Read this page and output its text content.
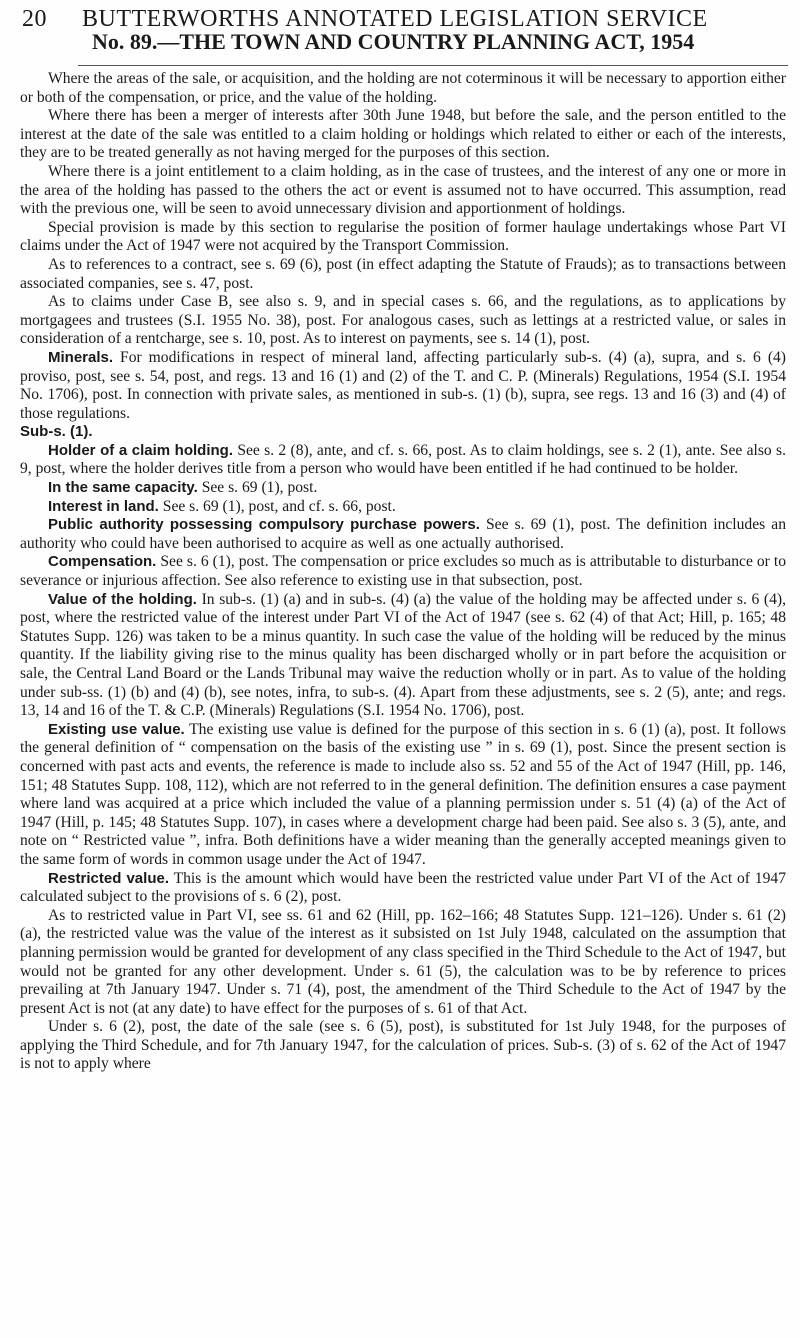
20 BUTTERWORTHS ANNOTATED LEGISLATION SERVICE
No. 89.—THE TOWN AND COUNTRY PLANNING ACT, 1954

Where the areas of the sale, or acquisition, and the holding are not coterminous it will be necessary to apportion either or both of the compensation, or price, and the value of the holding.

Where there has been a merger of interests after 30th June 1948, but before the sale, and the person entitled to the interest at the date of the sale was entitled to a claim holding or holdings which related to either or each of the interests, they are to be treated generally as not having merged for the purposes of this section.

Where there is a joint entitlement to a claim holding, as in the case of trustees, and the interest of any one or more in the area of the holding has passed to the others the act or event is assumed not to have occurred. This assumption, read with the previous one, will be seen to avoid unnecessary division and apportionment of holdings.

Special provision is made by this section to regularise the position of former haulage undertakings whose Part VI claims under the Act of 1947 were not acquired by the Transport Commission.

As to references to a contract, see s. 69 (6), post (in effect adapting the Statute of Frauds); as to transactions between associated companies, see s. 47, post.

As to claims under Case B, see also s. 9, and in special cases s. 66, and the regulations, as to applications by mortgagees and trustees (S.I. 1955 No. 38), post. For analogous cases, such as lettings at a restricted value, or sales in consideration of a rentcharge, see s. 10, post. As to interest on payments, see s. 14 (1), post.

Minerals. For modifications in respect of mineral land, affecting particularly sub-s. (4) (a), supra, and s. 6 (4) proviso, post, see s. 54, post, and regs. 13 and 16 (1) and (2) of the T. and C. P. (Minerals) Regulations, 1954 (S.I. 1954 No. 1706), post. In connection with private sales, as mentioned in sub-s. (1) (b), supra, see regs. 13 and 16 (3) and (4) of those regulations.

Sub-s. (1).

Holder of a claim holding. See s. 2 (8), ante, and cf. s. 66, post. As to claim holdings, see s. 2 (1), ante. See also s. 9, post, where the holder derives title from a person who would have been entitled if he had continued to be holder.

In the same capacity. See s. 69 (1), post.

Interest in land. See s. 69 (1), post, and cf. s. 66, post.

Public authority possessing compulsory purchase powers. See s. 69 (1), post. The definition includes an authority who could have been authorised to acquire as well as one actually authorised.

Compensation. See s. 6 (1), post. The compensation or price excludes so much as is attributable to disturbance or to severance or injurious affection. See also reference to existing use in that subsection, post.

Value of the holding. In sub-s. (1) (a) and in sub-s. (4) (a) the value of the holding may be affected under s. 6 (4), post, where the restricted value of the interest under Part VI of the Act of 1947 (see s. 62 (4) of that Act; Hill, p. 165; 48 Statutes Supp. 126) was taken to be a minus quantity. In such case the value of the holding will be reduced by the minus quantity. If the liability giving rise to the minus quality has been discharged wholly or in part before the acquisition or sale, the Central Land Board or the Lands Tribunal may waive the reduction wholly or in part. As to value of the holding under sub-ss. (1) (b) and (4) (b), see notes, infra, to sub-s. (4). Apart from these adjustments, see s. 2 (5), ante; and regs. 13, 14 and 16 of the T. & C.P. (Minerals) Regulations (S.I. 1954 No. 1706), post.

Existing use value. The existing use value is defined for the purpose of this section in s. 6 (1) (a), post. It follows the general definition of “ compensation on the basis of the existing use ” in s. 69 (1), post. Since the present section is concerned with past acts and events, the reference is made to include also ss. 52 and 55 of the Act of 1947 (Hill, pp. 146, 151; 48 Statutes Supp. 108, 112), which are not referred to in the general definition. The definition ensures a case payment where land was acquired at a price which included the value of a planning permission under s. 51 (4) (a) of the Act of 1947 (Hill, p. 145; 48 Statutes Supp. 107), in cases where a development charge had been paid. See also s. 3 (5), ante, and note on “ Restricted value ”, infra. Both definitions have a wider meaning than the generally accepted meanings given to the same form of words in common usage under the Act of 1947.

Restricted value. This is the amount which would have been the restricted value under Part VI of the Act of 1947 calculated subject to the provisions of s. 6 (2), post.

As to restricted value in Part VI, see ss. 61 and 62 (Hill, pp. 162–166; 48 Statutes Supp. 121–126). Under s. 61 (2) (a), the restricted value was the value of the interest as it subsisted on 1st July 1948, calculated on the assumption that planning permission would be granted for development of any class specified in the Third Schedule to the Act of 1947, but would not be granted for any other development. Under s. 61 (5), the calculation was to be by reference to prices prevailing at 7th January 1947. Under s. 71 (4), post, the amendment of the Third Schedule to the Act of 1947 by the present Act is not (at any date) to have effect for the purposes of s. 61 of that Act.

Under s. 6 (2), post, the date of the sale (see s. 6 (5), post), is substituted for 1st July 1948, for the purposes of applying the Third Schedule, and for 7th January 1947, for the calculation of prices. Sub-s. (3) of s. 62 of the Act of 1947 is not to apply where
